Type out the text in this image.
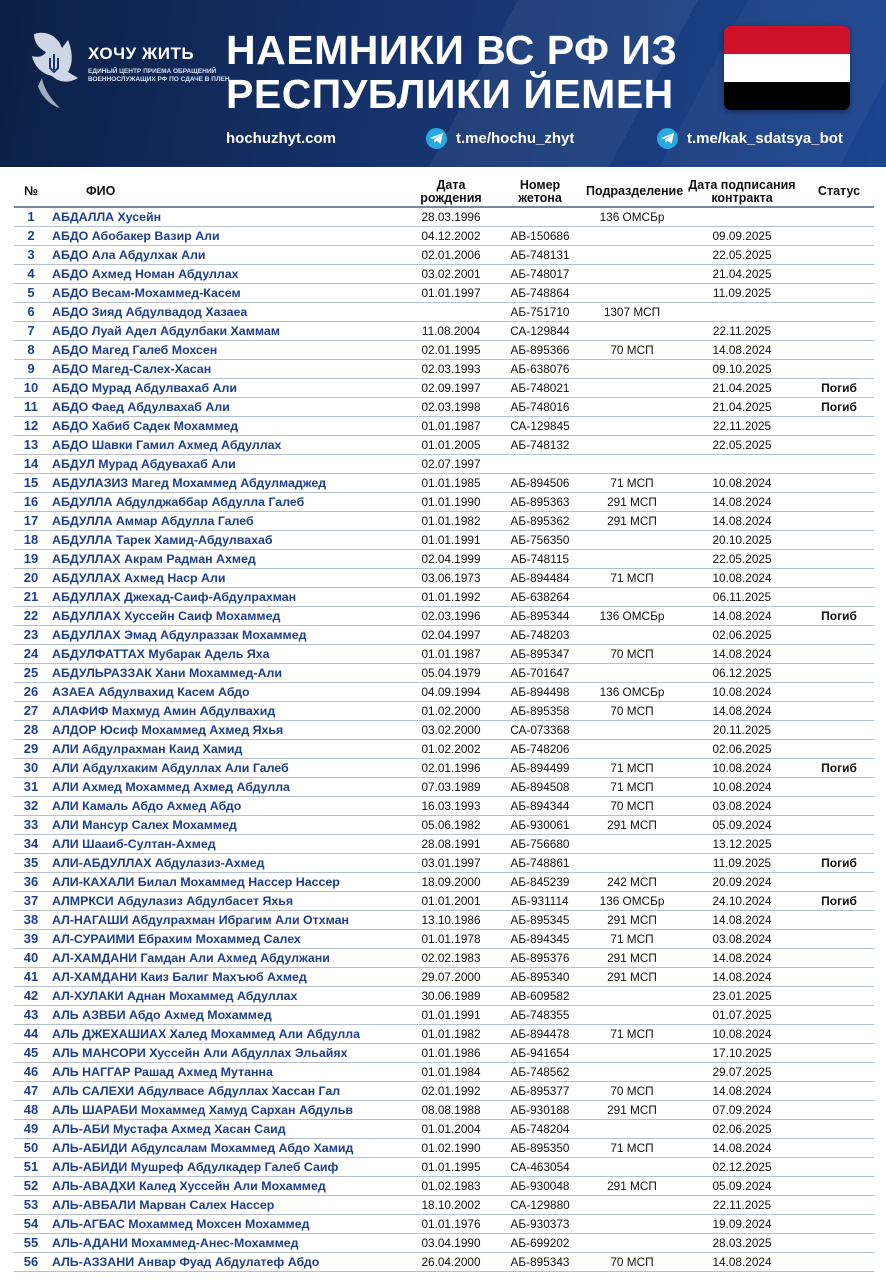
ХОЧУ ЖИТЬ
ЕДИНЫЙ ЦЕНТР ПРИЕМА ОБРАЩЕНИЙ ВОЕННОСЛУЖАЩИХ РФ ПО СДАЧЕ В ПЛЕН
НАЕМНИКИ ВС РФ ИЗ РЕСПУБЛИКИ ЙЕМЕН
hochuzhyt.com	t.me/hochu_zhyt	t.me/kak_sdatsya_bot
№	ФИО	Дата рождения	Номер жетона	Подразделение	Дата подписания контракта	Статус
1	АБДАЛЛА Хусейн	28.03.1996		136 ОМСБр		
2	АБДО Абобакер Вазир Али	04.12.2002	АВ-150686		09.09.2025	
3	АБДО Ала Абдулхак Али	02.01.2006	АБ-748131		22.05.2025	
4	АБДО Ахмед Номан Абдуллах	03.02.2001	АБ-748017		21.04.2025	
5	АБДО Весам-Мохаммед-Касем	01.01.1997	АБ-748864		11.09.2025	
6	АБДО Зияд Абдулвадод Хазаеа		АБ-751710	1307 МСП		
7	АБДО Луай Адел Абдулбаки Хаммам	11.08.2004	СА-129844		22.11.2025	
8	АБДО Магед Галеб Мохсен	02.01.1995	АБ-895366	70 МСП	14.08.2024	
9	АБДО Магед-Салех-Хасан	02.03.1993	АБ-638076		09.10.2025	
10	АБДО Мурад Абдулвахаб Али	02.09.1997	АБ-748021		21.04.2025	Погиб
11	АБДО Фаед Абдулвахаб Али	02.03.1998	АБ-748016		21.04.2025	Погиб
12	АБДО Хабиб Садек Мохаммед	01.01.1987	СА-129845		22.11.2025	
13	АБДО Шавки Гамил Ахмед Абдуллах	01.01.2005	АБ-748132		22.05.2025	
14	АБДУЛ Мурад Абдувахаб Али	02.07.1997				
15	АБДУЛАЗИЗ Магед Мохаммед Абдулмаджед	01.01.1985	АБ-894506	71 МСП	10.08.2024	
16	АБДУЛЛА Абдулджаббар Абдулла Галеб	01.01.1990	АБ-895363	291 МСП	14.08.2024	
17	АБДУЛЛА Аммар Абдулла Галеб	01.01.1982	АБ-895362	291 МСП	14.08.2024	
18	АБДУЛЛА Тарек Хамид-Абдулвахаб	01.01.1991	АБ-756350		20.10.2025	
19	АБДУЛЛАХ Акрам Радман Ахмед	02.04.1999	АБ-748115		22.05.2025	
20	АБДУЛЛАХ Ахмед Наср Али	03.06.1973	АБ-894484	71 МСП	10.08.2024	
21	АБДУЛЛАХ Джехад-Саиф-Абдулрахман	01.01.1992	АБ-638264		06.11.2025	
22	АБДУЛЛАХ Хуссейн Саиф Мохаммед	02.03.1996	АБ-895344	136 ОМСБр	14.08.2024	Погиб
23	АБДУЛЛАХ Эмад Абдулраззак Мохаммед	02.04.1997	АБ-748203		02.06.2025	
24	АБДУЛФАТТАХ Мубарак Адель Яха	01.01.1987	АБ-895347	70 МСП	14.08.2024	
25	АБДУЛЬРАЗЗАК Хани Мохаммед-Али	05.04.1979	АБ-701647		06.12.2025	
26	АЗАЕА Абдулвахид Касем Абдо	04.09.1994	АБ-894498	136 ОМСБр	10.08.2024	
27	АЛАФИФ Махмуд Амин Абдулвахид	01.02.2000	АБ-895358	70 МСП	14.08.2024	
28	АЛДОР Юсиф Мохаммед Ахмед Яхья	03.02.2000	СА-073368		20.11.2025	
29	АЛИ Абдулрахман Каид Хамид	01.02.2002	АБ-748206		02.06.2025	
30	АЛИ Абдулхаким Абдуллах Али Галеб	02.01.1996	АБ-894499	71 МСП	10.08.2024	Погиб
31	АЛИ Ахмед Мохаммед Ахмед Абдулла	07.03.1989	АБ-894508	71 МСП	10.08.2024	
32	АЛИ Камаль Абдо Ахмед Абдо	16.03.1993	АБ-894344	70 МСП	03.08.2024	
33	АЛИ Мансур Салех Мохаммед	05.06.1982	АБ-930061	291 МСП	05.09.2024	
34	АЛИ Шааиб-Султан-Ахмед	28.08.1991	АБ-756680		13.12.2025	
35	АЛИ-АБДУЛЛАХ Абдулазиз-Ахмед	03.01.1997	АБ-748861		11.09.2025	Погиб
36	АЛИ-КАХАЛИ Билал Мохаммед Нассер Нассер	18.09.2000	АБ-845239	242 МСП	20.09.2024	
37	АЛМРКСИ Абдулазиз Абдулбасет Яхья	01.01.2001	АБ-931114	136 ОМСБр	24.10.2024	Погиб
38	АЛ-НАГАШИ Абдулрахман Ибрагим Али Отхман	13.10.1986	АБ-895345	291 МСП	14.08.2024	
39	АЛ-СУРАИМИ Ебрахим Мохаммед Салех	01.01.1978	АБ-894345	71 МСП	03.08.2024	
40	АЛ-ХАМДАНИ Гамдан Али Ахмед Абдулжани	02.02.1983	АБ-895376	291 МСП	14.08.2024	
41	АЛ-ХАМДАНИ Каиз Балиг Махъюб Ахмед	29.07.2000	АБ-895340	291 МСП	14.08.2024	
42	АЛ-ХУЛАКИ Аднан Мохаммед Абдуллах	30.06.1989	АВ-609582		23.01.2025	
43	АЛЬ АЗВБИ Абдо Ахмед Мохаммед	01.01.1991	АБ-748355		01.07.2025	
44	АЛЬ ДЖЕХАШИАХ Халед Мохаммед Али Абдулла	01.01.1982	АБ-894478	71 МСП	10.08.2024	
45	АЛЬ МАНСОРИ Хуссейн Али Абдуллах Эльайях	01.01.1986	АБ-941654		17.10.2025	
46	АЛЬ НАГГАР Рашад Ахмед Мутанна	01.01.1984	АБ-748562		29.07.2025	
47	АЛЬ САЛЕХИ Абдулвасе Абдуллах Хассан Гал	02.01.1992	АБ-895377	70 МСП	14.08.2024	
48	АЛЬ ШАРАБИ Мохаммед Хамуд Сархан Абдульв	08.08.1988	АБ-930188	291 МСП	07.09.2024	
49	АЛЬ-АБИ Мустафа Ахмед Хасан Саид	01.01.2004	АБ-748204		02.06.2025	
50	АЛЬ-АБИДИ Абдулсалам Мохаммед Абдо Хамид	01.02.1990	АБ-895350	71 МСП	14.08.2024	
51	АЛЬ-АБИДИ Мушреф Абдулкадер Галеб Саиф	01.01.1995	СА-463054		02.12.2025	
52	АЛЬ-АВАДХИ Калед Хуссейн Али Мохаммед	01.02.1983	АБ-930048	291 МСП	05.09.2024	
53	АЛЬ-АВБАЛИ Марван Салех Нассер	18.10.2002	СА-129880		22.11.2025	
54	АЛЬ-АГБАС Мохаммед Мохсен Мохаммед	01.01.1976	АБ-930373		19.09.2024	
55	АЛЬ-АДАНИ Мохаммед-Анес-Мохаммед	03.04.1990	АБ-699202		28.03.2025	
56	АЛЬ-АЗЗАНИ Анвар Фуад Абдулатеф Абдо	26.04.2000	АБ-895343	70 МСП	14.08.2024	
